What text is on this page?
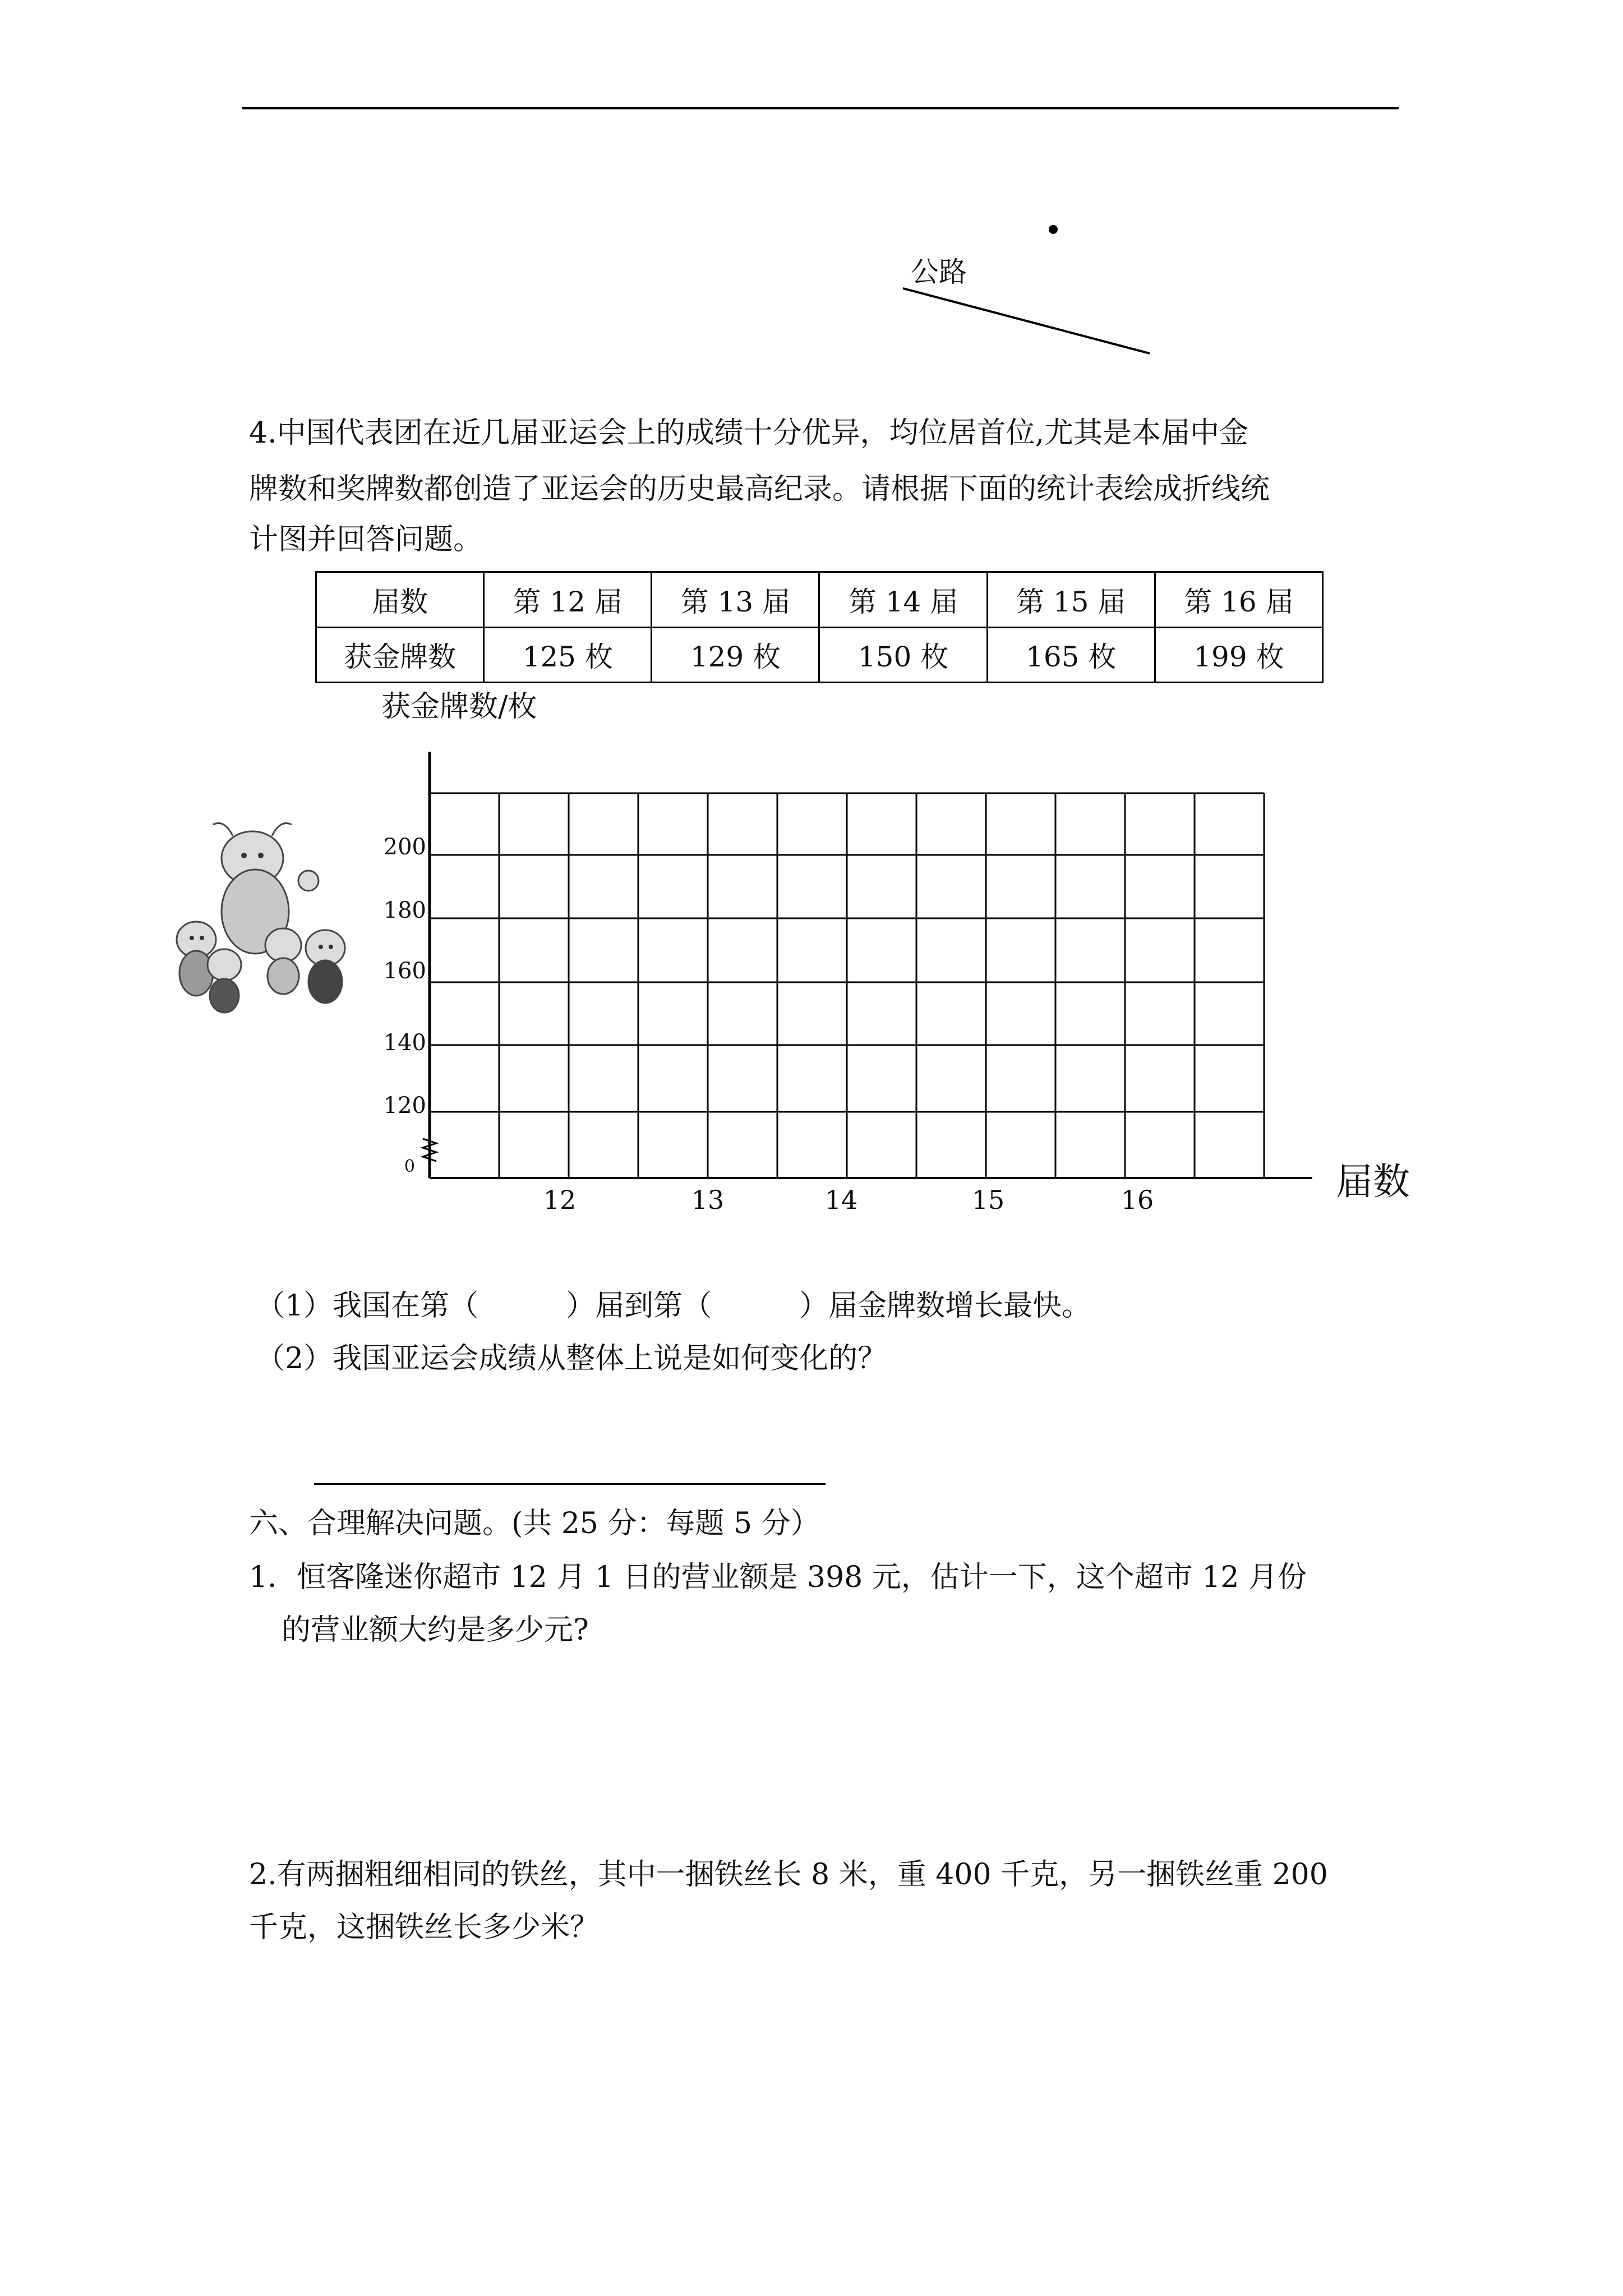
公路
4.中国代表团在近几届亚运会上的成绩十分优异，均位居首位,尤其是本届中金
牌数和奖牌数都创造了亚运会的历史最高纪录。请根据下面的统计表绘成折线统
计图并回答问题。
届数	第 12 届	第 13 届	第 14 届	第 15 届	第 16 届
获金牌数	125 枚	129 枚	150 枚	165 枚	199 枚
获金牌数/枚
200
180
160
140
120
0
12	13	14	15	16	届数
（1）我国在第（　　　）届到第（　　　）届金牌数增长最快。
（2）我国亚运会成绩从整体上说是如何变化的？
六、合理解决问题。(共 25 分：每题 5 分）
1．恒客隆迷你超市 12 月 1 日的营业额是 398 元，估计一下，这个超市 12 月份
的营业额大约是多少元?
2.有两捆粗细相同的铁丝，其中一捆铁丝长 8 米，重 400 千克，另一捆铁丝重 200
千克，这捆铁丝长多少米？
